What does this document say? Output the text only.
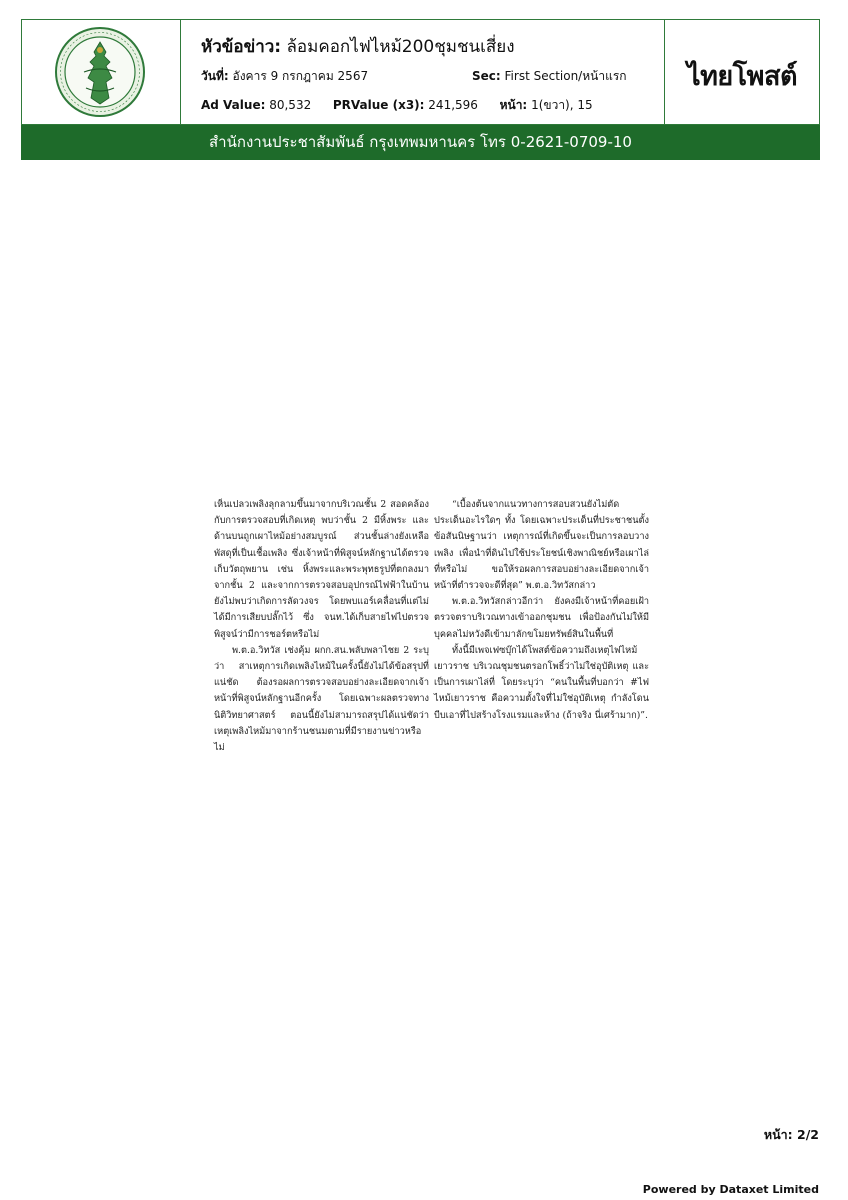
หัวข้อข่าว: ล้อมคอกไฟไหม้200ชุมชนเสี่ยง
วันที่: อังคาร 9 กรกฎาคม 2567	Sec: First Section/หน้าแรก
Ad Value: 80,532 PRValue (x3): 241,596 หน้า: 1(ขวา), 15
ไทยโพสต์
สำนักงานประชาสัมพันธ์ กรุงเทพมหานคร โทร 0-2621-0709-10

เห็นเปลวเพลิงลุกลามขึ้นมาจากบริเวณชั้น 2 สอดคล้องกับการตรวจสอบที่เกิดเหตุ พบว่าชั้น 2 มีหิ้งพระ และด้านบนถูกเผาไหม้อย่างสมบูรณ์ ส่วนชั้นล่างยังเหลือพัสดุที่เป็นเชื้อเพลิง ซึ่งเจ้าหน้าที่พิสูจน์หลักฐานได้ตรวจเก็บวัตถุพยาน เช่น หิ้งพระและพระพุทธรูปที่ตกลงมาจากชั้น 2 และจากการตรวจสอบอุปกรณ์ไฟฟ้าในบ้านยังไม่พบว่าเกิดการลัดวงจร โดยพบแอร์เคลื่อนที่แต่ไม่ได้มีการเสียบปลั๊กไว้ ซึ่ง จนท.ได้เก็บสายไฟไปตรวจพิสูจน์ว่ามีการชอร์ตหรือไม่

พ.ต.อ.วิทวัส เช่งคุ้ม ผกก.สน.พลับพลาไชย 2 ระบุว่า สาเหตุการเกิดเพลิงไหม้ในครั้งนี้ยังไม่ได้ข้อสรุปที่แน่ชัด ต้องรอผลการตรวจสอบอย่างละเอียดจากเจ้าหน้าที่พิสูจน์หลักฐานอีกครั้ง โดยเฉพาะผลตรวจทางนิติวิทยาศาสตร์ ตอนนี้ยังไม่สามารถสรุปได้แน่ชัดว่า เหตุเพลิงไหม้มาจากร้านชนมตามที่มีรายงานข่าวหรือไม่

“เบื้องต้นจากแนวทางการสอบสวนยังไม่ตัดประเด็นอะไรใดๆ ทั้ง โดยเฉพาะประเด็นที่ประชาชนตั้งข้อสันนิษฐานว่า เหตุการณ์ที่เกิดขึ้นจะเป็นการลอบวางเพลิง เพื่อนำที่ดินไปใช้ประโยชน์เชิงพาณิชย์หรือเผาไล่ที่หรือไม่ ขอให้รอผลการสอบอย่างละเอียดจากเจ้าหน้าที่ตำรวจจะดีที่สุด” พ.ต.อ.วิทวัสกล่าว

พ.ต.อ.วิทวัสกล่าวอีกว่า ยังคงมีเจ้าหน้าที่คอยเฝ้าตรวจตราบริเวณทางเข้าออกชุมชน เพื่อป้องกันไม่ให้มีบุคคลไม่หวังดีเข้ามาลักขโมยทรัพย์สินในพื้นที่

ทั้งนี้มีเพจเฟซบุ๊กได้โพสต์ข้อความถึงเหตุไฟไหม้เยาวราช บริเวณชุมชนตรอกโพธิ์ว่าไม่ใช่อุบัติเหตุ และเป็นการเผาไล่ที่ โดยระบุว่า “คนในพื้นที่บอกว่า #ไฟไหม้เยาวราช คือความตั้งใจที่ไม่ใช่อุบัติเหตุ กำลังโดนบีบเอาที่ไปสร้างโรงแรมและห้าง (ถ้าจริง นี่เศร้ามาก)”.

หน้า: 2/2
Powered by Dataxet Limited
